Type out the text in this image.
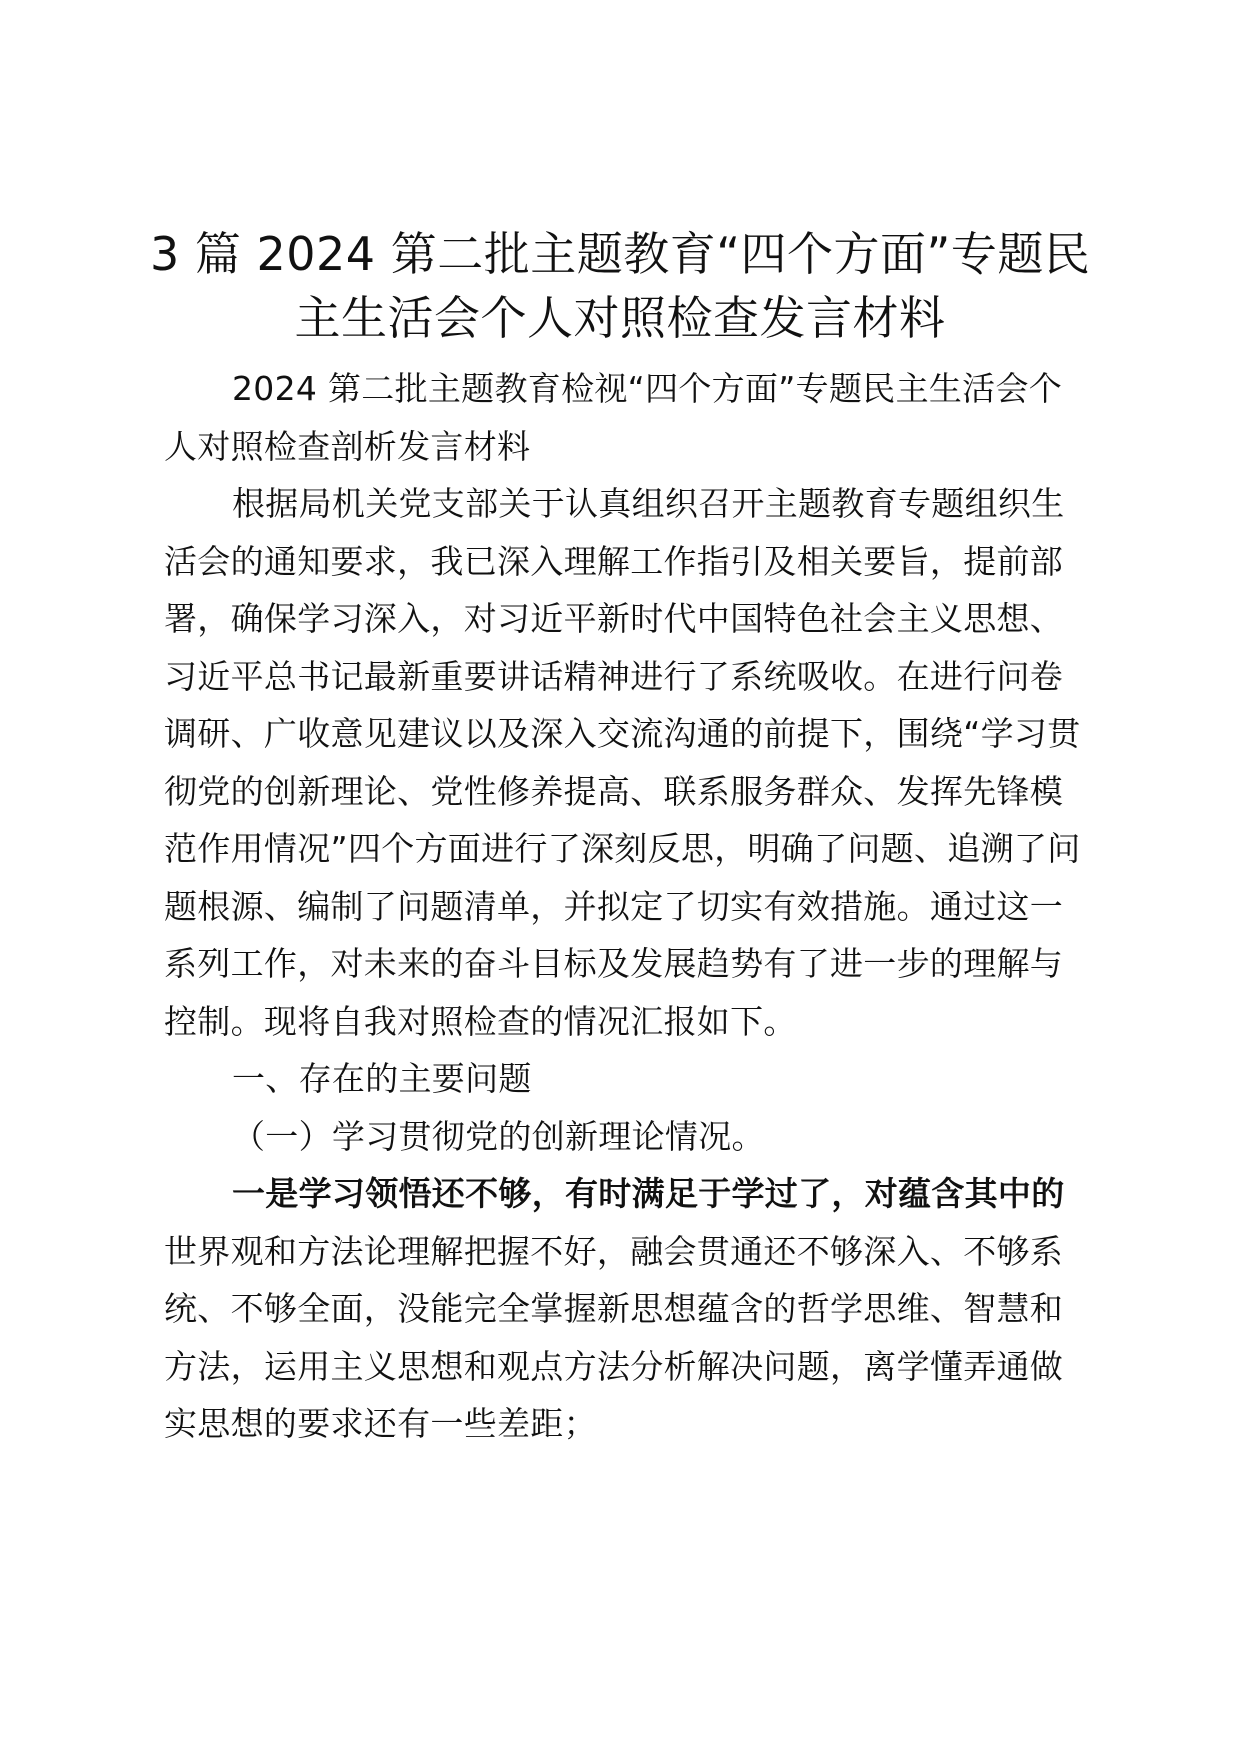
3 篇 2024 第二批主题教育“四个方面”专题民
主生活会个人对照检查发言材料
2024 第二批主题教育检视“四个方面”专题民主生活会个
人对照检查剖析发言材料
根据局机关党支部关于认真组织召开主题教育专题组织生
活会的通知要求，我已深入理解工作指引及相关要旨，提前部
署，确保学习深入，对习近平新时代中国特色社会主义思想、
习近平总书记最新重要讲话精神进行了系统吸收。在进行问卷
调研、广收意见建议以及深入交流沟通的前提下，围绕“学习贯
彻党的创新理论、党性修养提高、联系服务群众、发挥先锋模
范作用情况”四个方面进行了深刻反思，明确了问题、追溯了问
题根源、编制了问题清单，并拟定了切实有效措施。通过这一
系列工作，对未来的奋斗目标及发展趋势有了进一步的理解与
控制。现将自我对照检查的情况汇报如下。
一、存在的主要问题
（一）学习贯彻党的创新理论情况。
一是学习领悟还不够，有时满足于学过了，对蕴含其中的
世界观和方法论理解把握不好，融会贯通还不够深入、不够系
统、不够全面，没能完全掌握新思想蕴含的哲学思维、智慧和
方法，运用主义思想和观点方法分析解决问题，离学懂弄通做
实思想的要求还有一些差距；
